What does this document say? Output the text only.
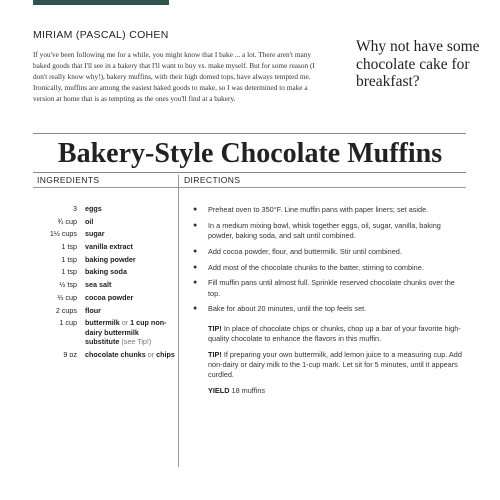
MIRIAM (PASCAL) COHEN

If you've been following me for a while, you might know that I bake ... a lot. There aren't many baked goods that I'll see in a bakery that I'll want to buy vs. make myself. But for some reason (I don't really know why!), bakery muffins, with their high domed tops, have always tempted me. Ironically, muffins are among the easiest baked goods to make, so I was determined to make a version at home that is as tempting as the ones you'll find at a bakery.

Why not have some chocolate cake for breakfast?

Bakery-Style Chocolate Muffins
INGREDIENTS	DIRECTIONS
3	eggs
¾ cup	oil
1½ cups	sugar
1 tsp	vanilla extract
1 tsp	baking powder
1 tsp	baking soda
½ tsp	sea salt
⅔ cup	cocoa powder
2 cups	flour
1 cup	buttermilk or 1 cup non-dairy buttermilk substitute (see Tip!)
9 oz	chocolate chunks or chips
●	Preheat oven to 350°F. Line muffin pans with paper liners; set aside.
●	In a medium mixing bowl, whisk together eggs, oil, sugar, vanilla, baking powder, baking soda, and salt until combined.
●	Add cocoa powder, flour, and buttermilk. Stir until combined.
●	Add most of the chocolate chunks to the batter, stirring to combine.
●	Fill muffin pans until almost full. Sprinkle reserved chocolate chunks over the top.
●	Bake for about 20 minutes, until the top feels set.

TIP! In place of chocolate chips or chunks, chop up a bar of your favorite high-quality chocolate to enhance the flavors in this muffin.

TIP! If preparing your own buttermilk, add lemon juice to a measuring cup. Add non-dairy or dairy milk to the 1-cup mark. Let sit for 5 minutes, until it appears curdled.

YIELD 18 muffins
